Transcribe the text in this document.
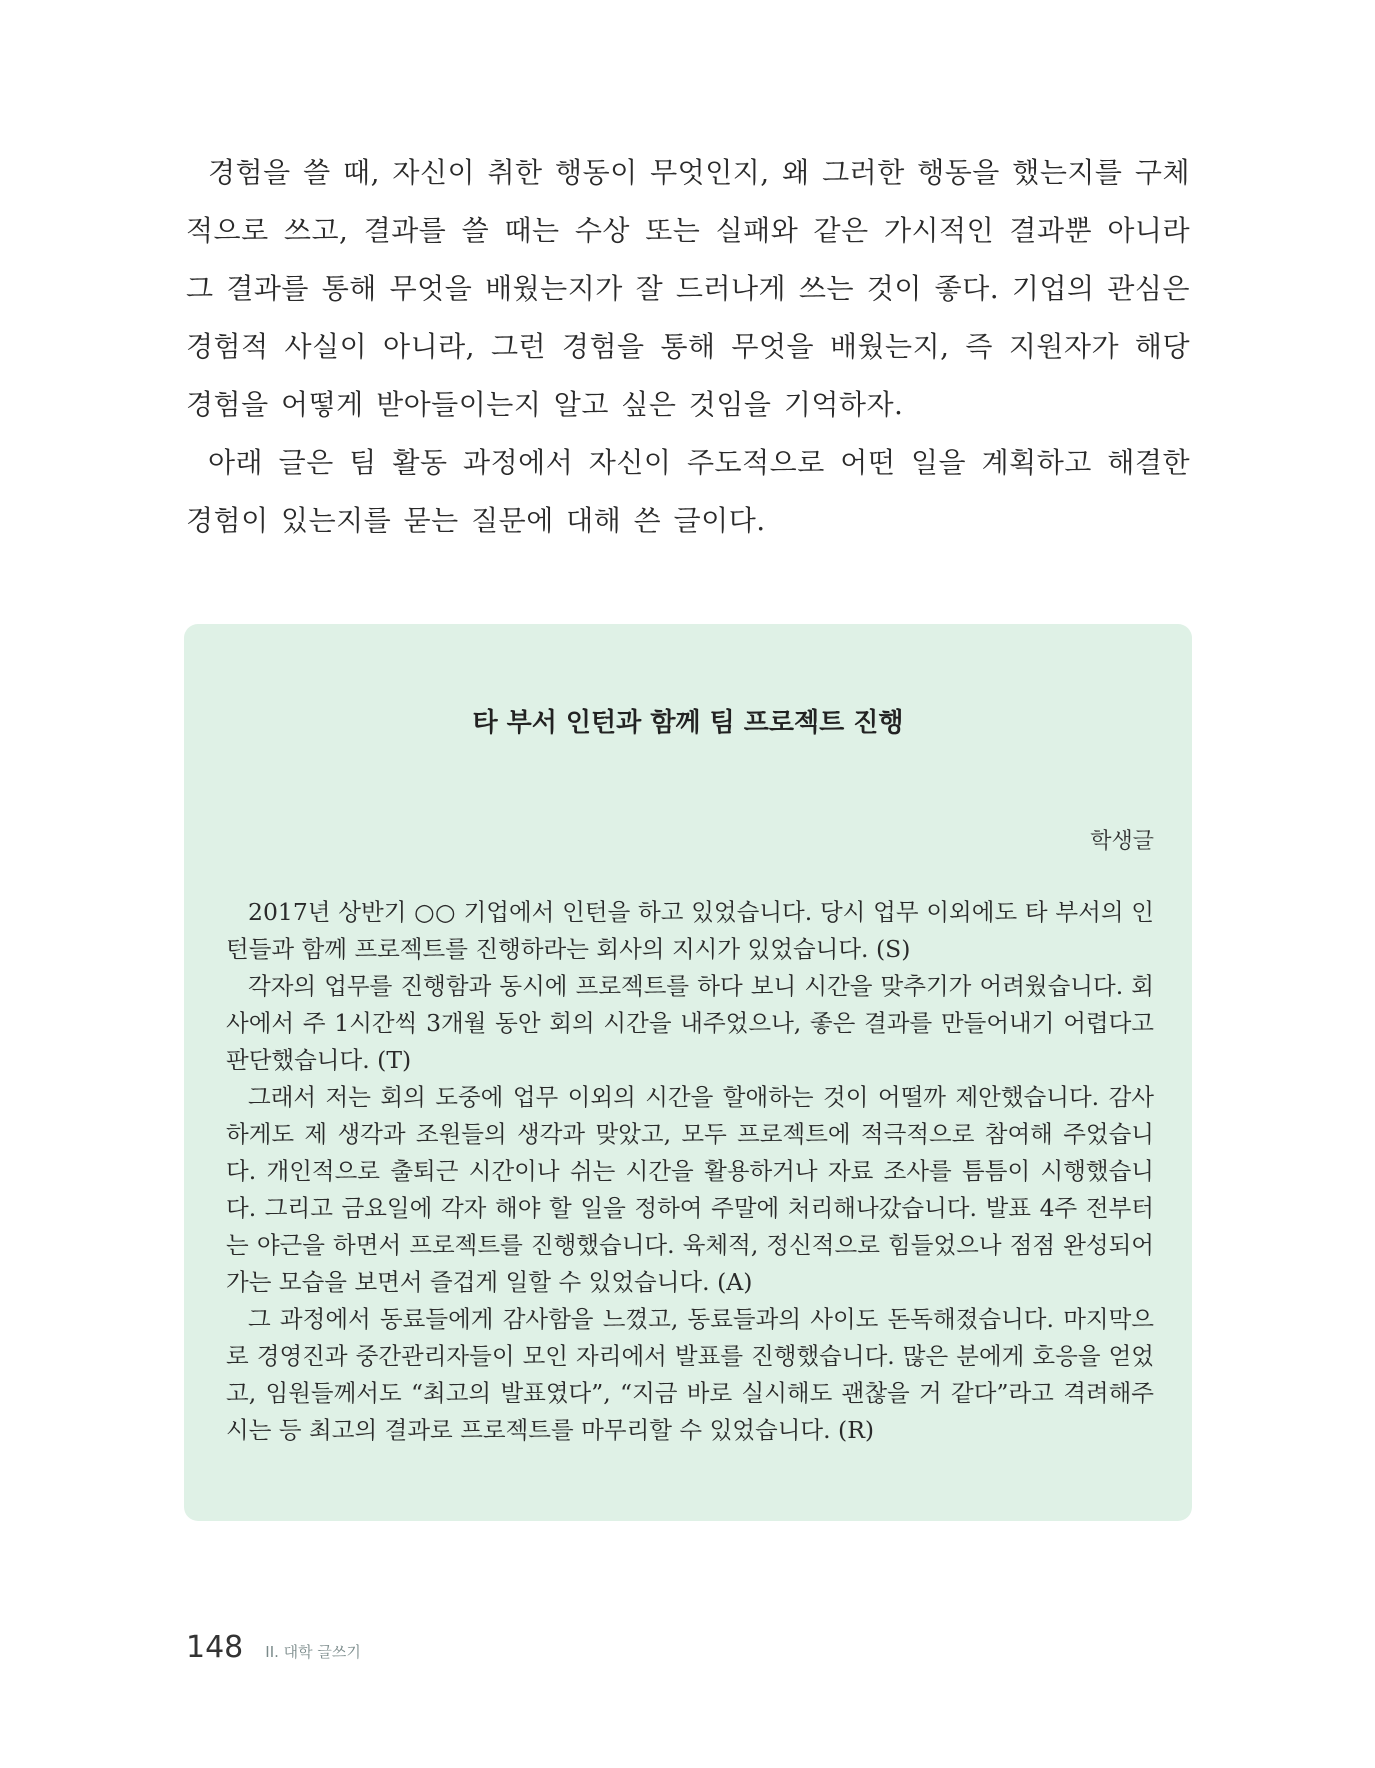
경험을 쓸 때, 자신이 취한 행동이 무엇인지, 왜 그러한 행동을 했는지를 구체적으로 쓰고, 결과를 쓸 때는 수상 또는 실패와 같은 가시적인 결과뿐 아니라 그 결과를 통해 무엇을 배웠는지가 잘 드러나게 쓰는 것이 좋다. 기업의 관심은 경험적 사실이 아니라, 그런 경험을 통해 무엇을 배웠는지, 즉 지원자가 해당 경험을 어떻게 받아들이는지 알고 싶은 것임을 기억하자.

아래 글은 팀 활동 과정에서 자신이 주도적으로 어떤 일을 계획하고 해결한 경험이 있는지를 묻는 질문에 대해 쓴 글이다.

타 부서 인턴과 함께 팀 프로젝트 진행

학생글

2017년 상반기 ○○ 기업에서 인턴을 하고 있었습니다. 당시 업무 이외에도 타 부서의 인턴들과 함께 프로젝트를 진행하라는 회사의 지시가 있었습니다. (S)

각자의 업무를 진행함과 동시에 프로젝트를 하다 보니 시간을 맞추기가 어려웠습니다. 회사에서 주 1시간씩 3개월 동안 회의 시간을 내주었으나, 좋은 결과를 만들어내기 어렵다고 판단했습니다. (T)

그래서 저는 회의 도중에 업무 이외의 시간을 할애하는 것이 어떨까 제안했습니다. 감사하게도 제 생각과 조원들의 생각과 맞았고, 모두 프로젝트에 적극적으로 참여해 주었습니다. 개인적으로 출퇴근 시간이나 쉬는 시간을 활용하거나 자료 조사를 틈틈이 시행했습니다. 그리고 금요일에 각자 해야 할 일을 정하여 주말에 처리해나갔습니다. 발표 4주 전부터는 야근을 하면서 프로젝트를 진행했습니다. 육체적, 정신적으로 힘들었으나 점점 완성되어가는 모습을 보면서 즐겁게 일할 수 있었습니다. (A)

그 과정에서 동료들에게 감사함을 느꼈고, 동료들과의 사이도 돈독해졌습니다. 마지막으로 경영진과 중간관리자들이 모인 자리에서 발표를 진행했습니다. 많은 분에게 호응을 얻었고, 임원들께서도 “최고의 발표였다”, “지금 바로 실시해도 괜찮을 거 같다”라고 격려해주시는 등 최고의 결과로 프로젝트를 마무리할 수 있었습니다. (R)

148 II. 대학 글쓰기
